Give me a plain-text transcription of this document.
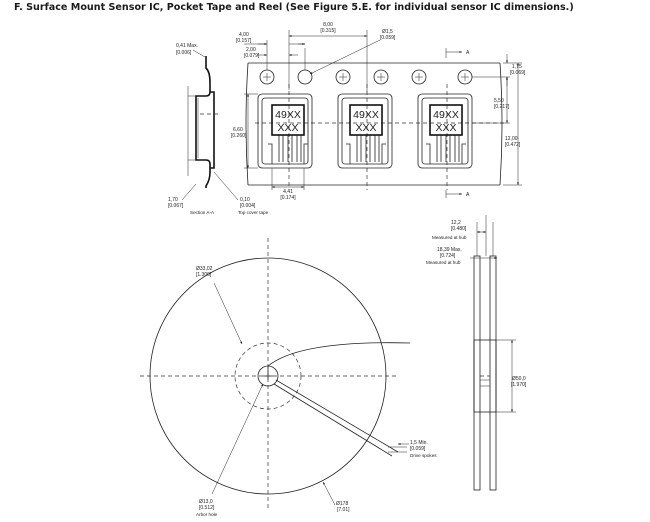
F. Surface Mount Sensor IC, Pocket Tape and Reel (See Figure 5.E. for individual sensor IC dimensions.)
0,41 Max.
[0.006]
1,70
[0.067]
0,10
[0.004]
Section A-A	Top cover tape
49XX
XXX
49XX
XXX
49XX
XXX
8,00
[0.315]
4,00
[0.157]
2,00
[0.079]
Ø1,5
[0.059]
A
A
1,75
[0.069]
5,50
[0.217]
12,00
[0.472]
6,60
[0.260]
4,41
[0.174]
Ø33,02
[1.300]
Ø13,0
[0.512]
Arbor hole
Ø178
[7.01]
1,5 Min.
[0.059]
Drive spokes
12,2
[0.480]
Measured at hub
18,39 Max.
[0.724]
Measured at hub
Ø50,0
[1.970]
